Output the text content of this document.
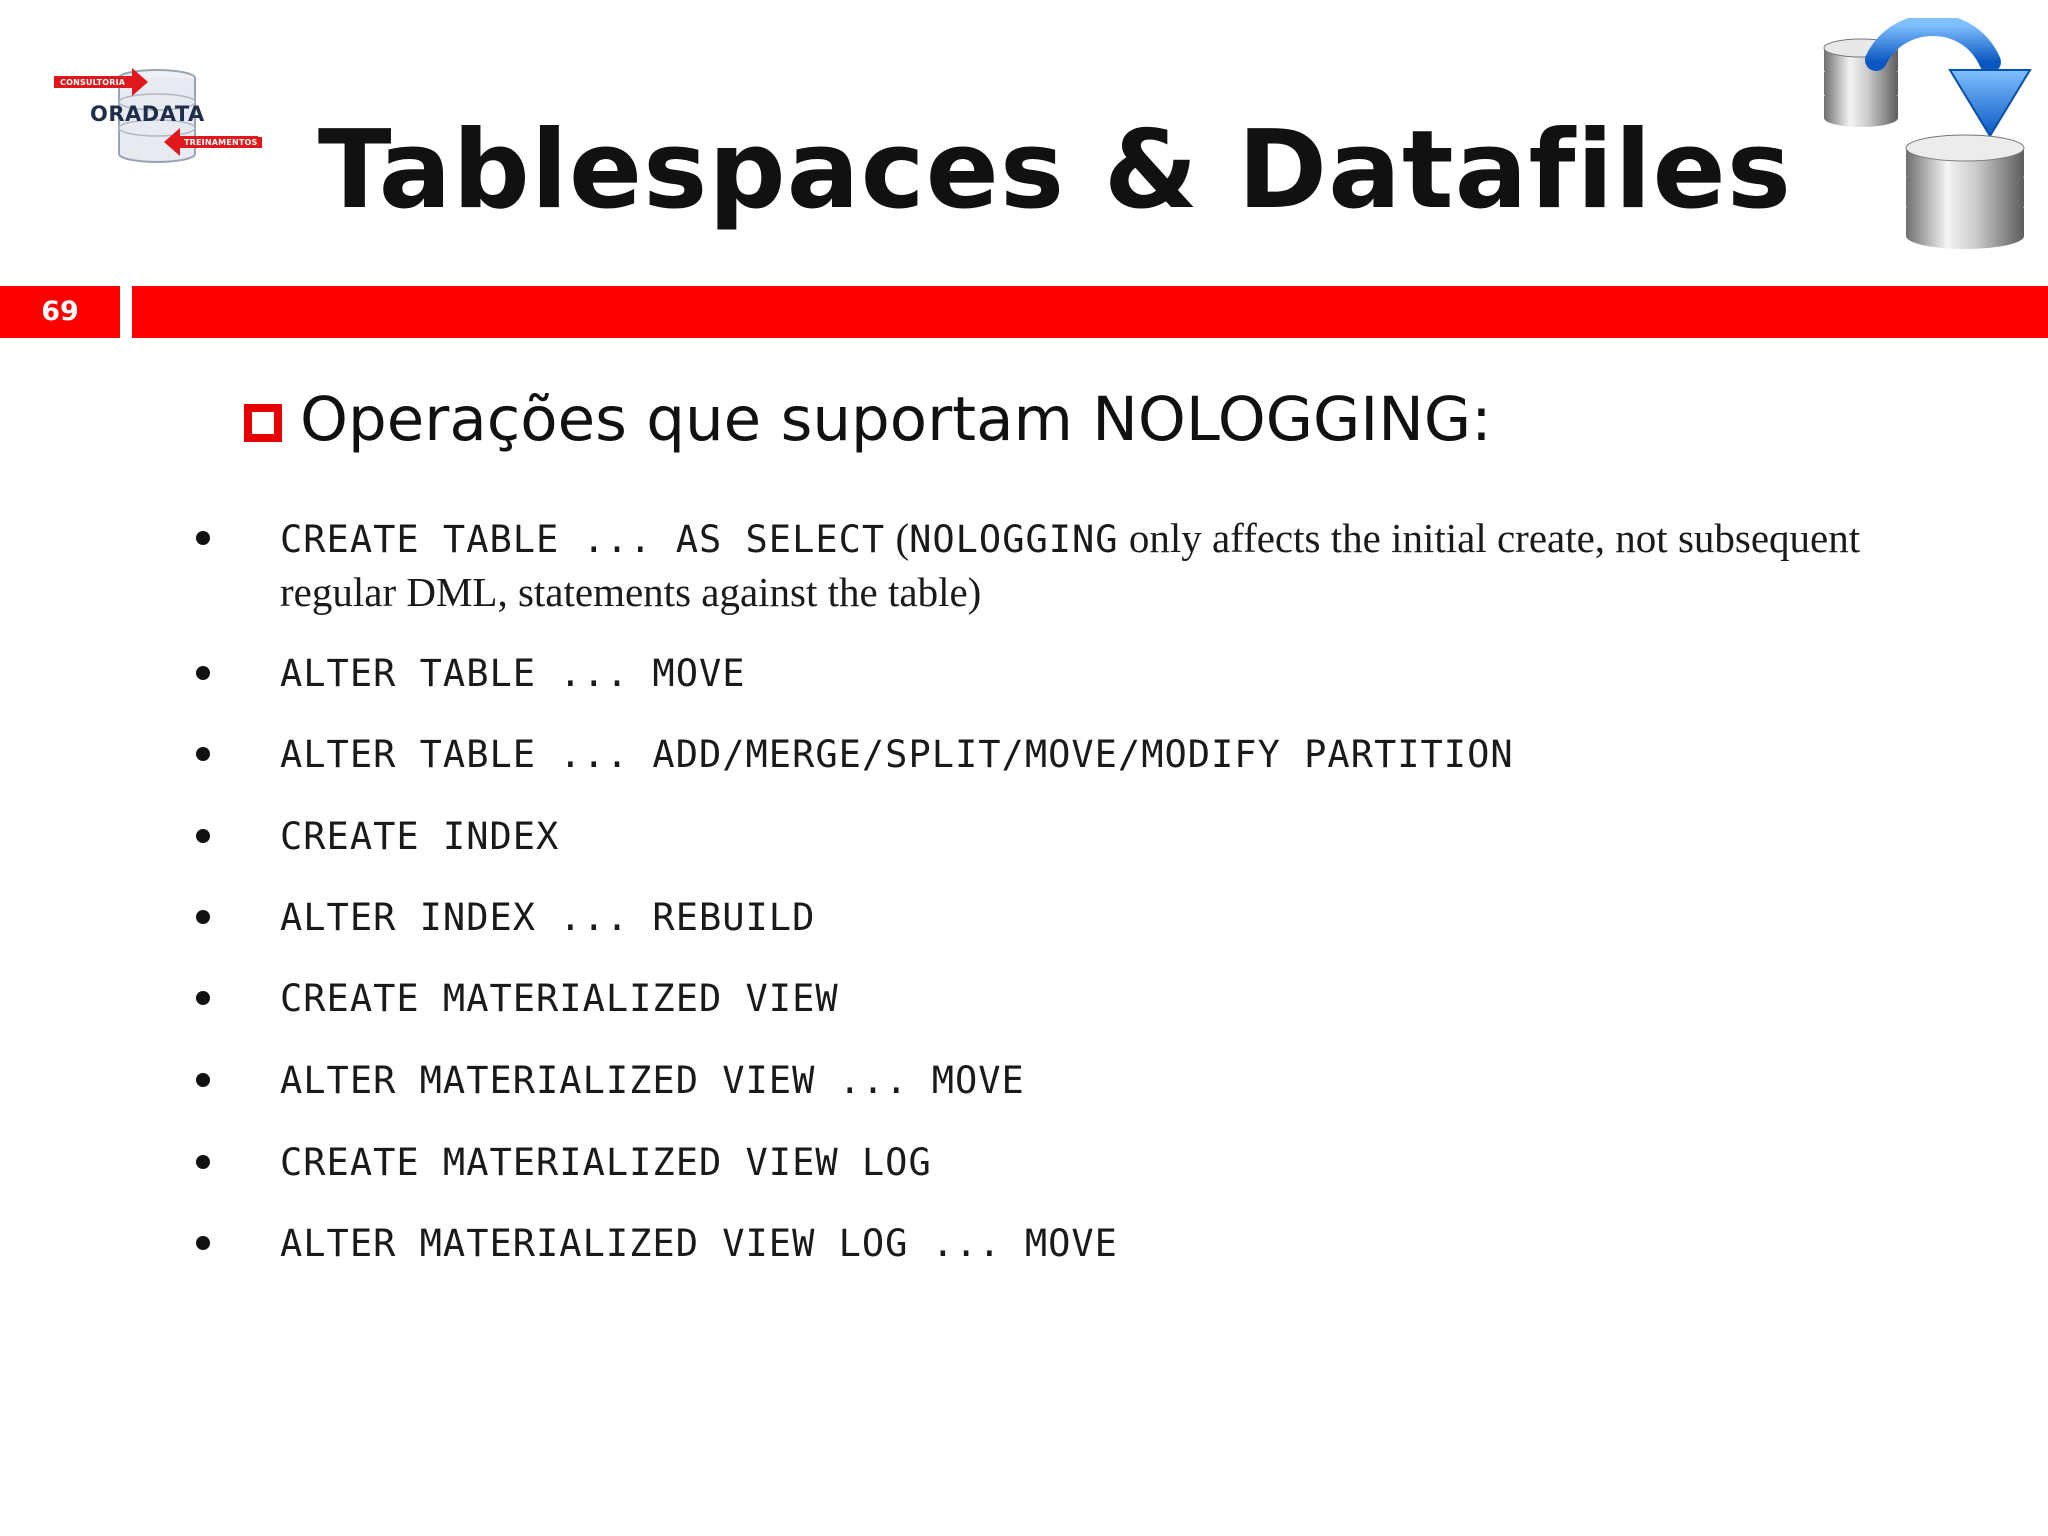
CONSULTORIA
ORADATA
TREINAMENTOS Tablespaces & Datafiles
69
Operações que suportam NOLOGGING:
CREATE TABLE ... AS SELECT (NOLOGGING only affects the initial create, not subsequent
regular DML, statements against the table)
ALTER TABLE ... MOVE
ALTER TABLE ... ADD/MERGE/SPLIT/MOVE/MODIFY PARTITION
CREATE INDEX
ALTER INDEX ... REBUILD
CREATE MATERIALIZED VIEW
ALTER MATERIALIZED VIEW ... MOVE
CREATE MATERIALIZED VIEW LOG
ALTER MATERIALIZED VIEW LOG ... MOVE
